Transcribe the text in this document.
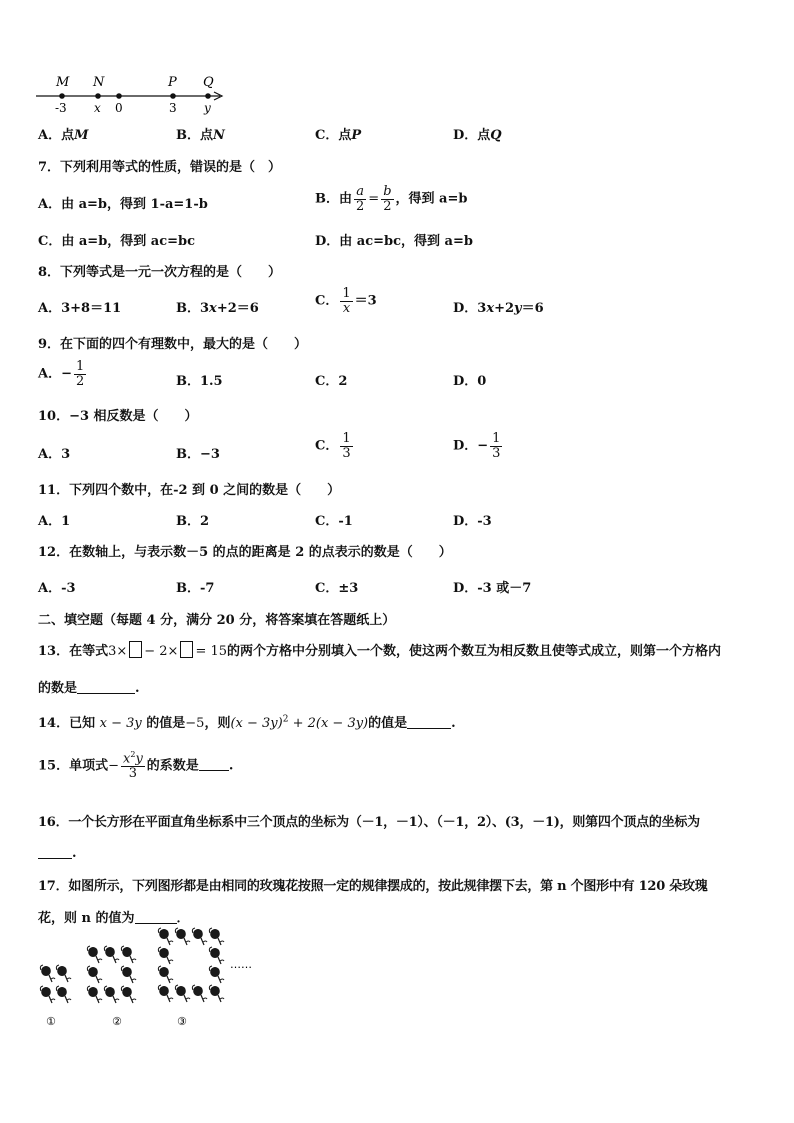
M N	P Q
-3 x 0	3 y
A．点M	B．点N	C．点P	D．点Q
7．下列利用等式的性质，错误的是（　）
A．由 a=b，得到 1-a=1-b	B．由 $\frac{a}{2} = \frac{b}{2}$ ，得到 a=b
C．由 a=b，得到 ac=bc	D．由 ac=bc，得到 a=b
8．下列等式是一元一次方程的是（　　）
A．3+8＝11	B．3x+2＝6	C． $\frac{1}{x} =3$	D．3x+2y＝6
9．在下面的四个有理数中，最大的是（　　）
A．− $\frac{1}{2}$	B．1.5	C．2	D．0
10．−3 相反数是（　　）
A．3	B．−3
C． $\frac{1}{3}$	D．− $\frac{1}{3}$
11．下列四个数中，在-2 到 0 之间的数是（　　）
A．1	B．2	C．-1	D．-3
12．在数轴上，与表示数－5 的点的距离是 2 的点表示的数是（　　）
A．-3	B．-7	C．±3	D．-3 或－7
二、填空题（每题 4 分，满分 20 分，将答案填在答题纸上）
13．在等式3× − 2× = 15的两个方格中分别填入一个数，使这两个数互为相反数且使等式成立，则第一个方格内
的数是	.
14．已知 x − 3y 的值是−5，则$(x - 3y)^2 + 2(x - 3y)$的值是	.
15．单项式− $\frac{x^2y}{3}$ 的系数是 .
16．一个长方形在平面直角坐标系中三个顶点的坐标为（－1，－1）、（－1，2）、(3，－1)，则第四个顶点的坐标为
.
17．如图所示，下列图形都是由相同的玫瑰花按照一定的规律摆成的，按此规律摆下去，第 n 个图形中有 120 朵玫瑰
花，则 n 的值为	．
①	②	③
……
